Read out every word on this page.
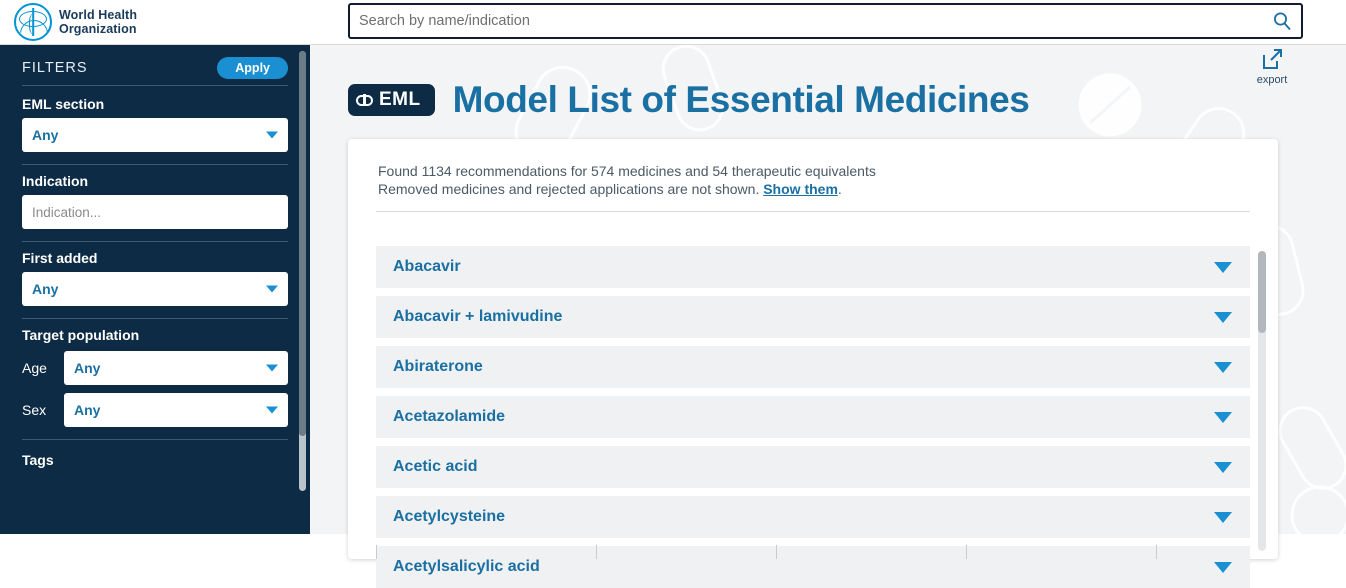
World Health
Organization
Search by name/indication
FILTERS	Apply
EML section
Any
Indication
Indication...
First added
Any
Target population
Age Any
Sex Any
Tags
export
EML Model List of Essential Medicines
Found 1134 recommendations for 574 medicines and 54 therapeutic equivalents
Removed medicines and rejected applications are not shown. Show them.
Abacavir
Abacavir + lamivudine
Abiraterone
Acetazolamide
Acetic acid
Acetylcysteine
Acetylsalicylic acid
